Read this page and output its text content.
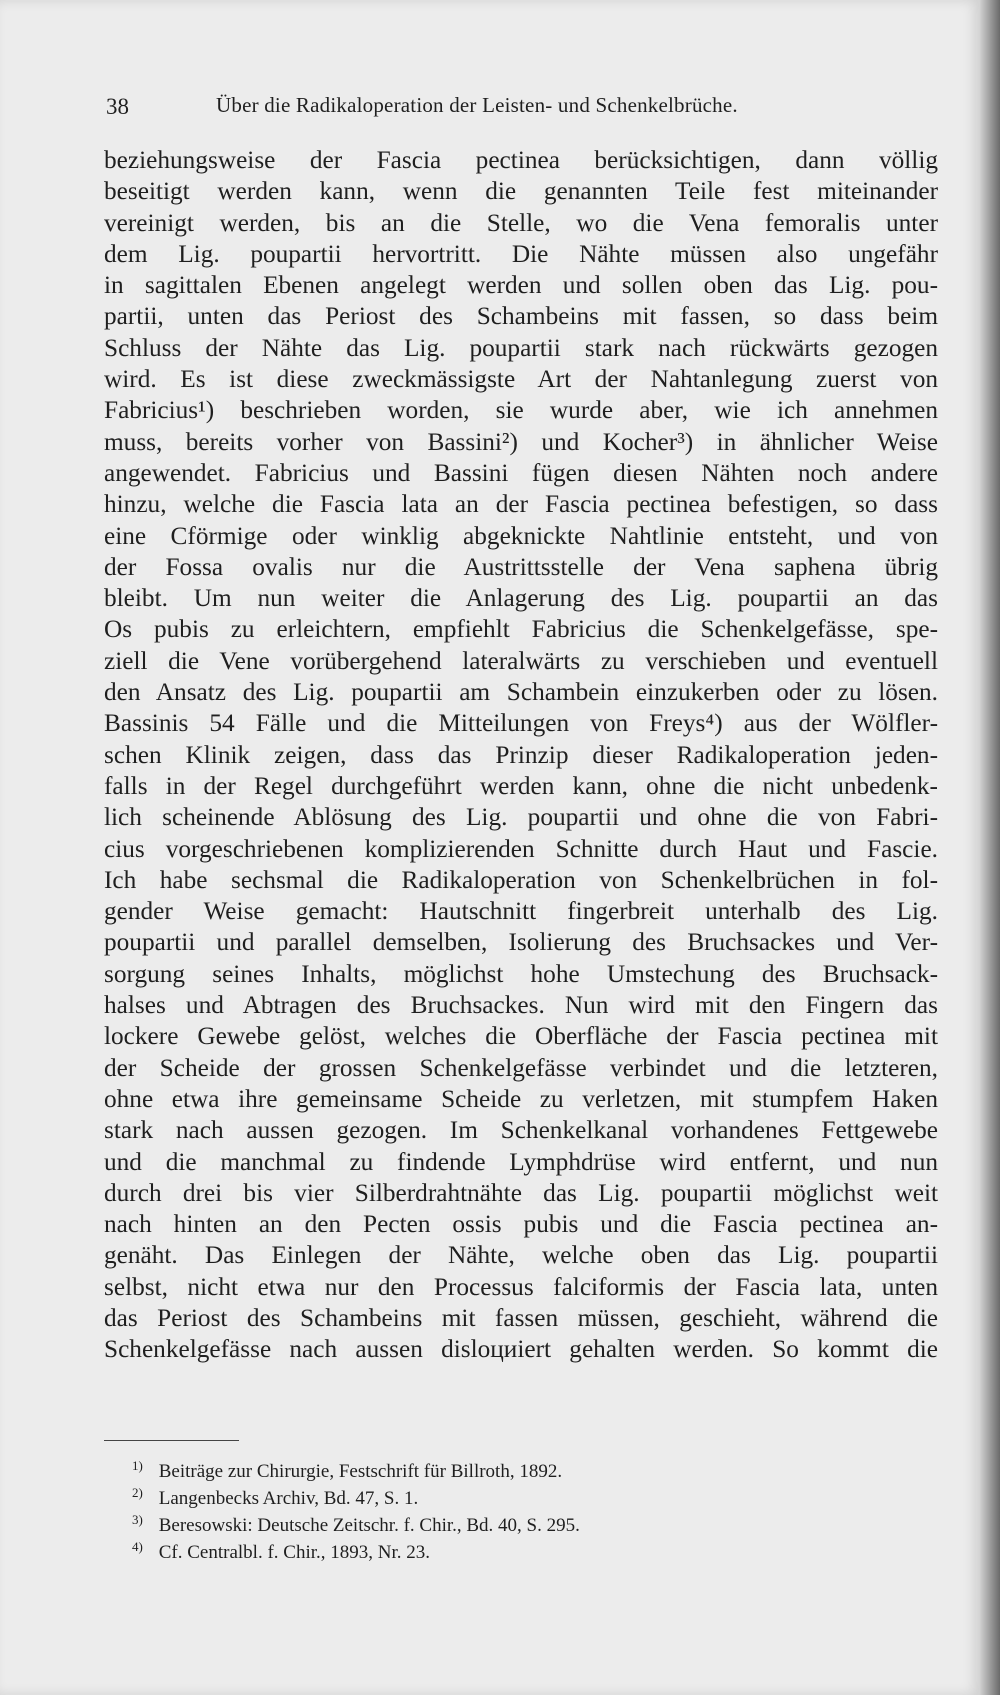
38	Über die Radikaloperation der Leisten- und Schenkelbrüche.
beziehungsweise der Fascia pectinea berücksichtigen, dann völlig
beseitigt werden kann, wenn die genannten Teile fest miteinander
vereinigt werden, bis an die Stelle, wo die Vena femoralis unter
dem Lig. poupartii hervortritt. Die Nähte müssen also ungefähr
in sagittalen Ebenen angelegt werden und sollen oben das Lig. pou-
partii, unten das Periost des Schambeins mit fassen, so dass beim
Schluss der Nähte das Lig. poupartii stark nach rückwärts gezogen
wird. Es ist diese zweckmässigste Art der Nahtanlegung zuerst von
Fabricius¹) beschrieben worden, sie wurde aber, wie ich annehmen
muss, bereits vorher von Bassini²) und Kocher³) in ähnlicher Weise
angewendet. Fabricius und Bassini fügen diesen Nähten noch andere
hinzu, welche die Fascia lata an der Fascia pectinea befestigen, so dass
eine Cförmige oder winklig abgeknickte Nahtlinie entsteht, und von
der Fossa ovalis nur die Austrittsstelle der Vena saphena übrig
bleibt. Um nun weiter die Anlagerung des Lig. poupartii an das
Os pubis zu erleichtern, empfiehlt Fabricius die Schenkelgefässe, spe-
ziell die Vene vorübergehend lateralwärts zu verschieben und eventuell
den Ansatz des Lig. poupartii am Schambein einzukerben oder zu lösen.
Bassinis 54 Fälle und die Mitteilungen von Freys⁴) aus der Wölfler-
schen Klinik zeigen, dass das Prinzip dieser Radikaloperation jeden-
falls in der Regel durchgeführt werden kann, ohne die nicht unbedenk-
lich scheinende Ablösung des Lig. poupartii und ohne die von Fabri-
cius vorgeschriebenen komplizierenden Schnitte durch Haut und Fascie.
Ich habe sechsmal die Radikaloperation von Schenkelbrüchen in fol-
gender Weise gemacht: Hautschnitt fingerbreit unterhalb des Lig.
poupartii und parallel demselben, Isolierung des Bruchsackes und Ver-
sorgung seines Inhalts, möglichst hohe Umstechung des Bruchsack-
halses und Abtragen des Bruchsackes. Nun wird mit den Fingern das
lockere Gewebe gelöst, welches die Oberfläche der Fascia pectinea mit
der Scheide der grossen Schenkelgefässe verbindet und die letzteren,
ohne etwa ihre gemeinsame Scheide zu verletzen, mit stumpfem Haken
stark nach aussen gezogen. Im Schenkelkanal vorhandenes Fettgewebe
und die manchmal zu findende Lymphdrüse wird entfernt, und nun
durch drei bis vier Silberdrahtnähte das Lig. poupartii möglichst weit
nach hinten an den Pecten ossis pubis und die Fascia pectinea an-
genäht. Das Einlegen der Nähte, welche oben das Lig. poupartii
selbst, nicht etwa nur den Processus falciformis der Fascia lata, unten
das Periost des Schambeins mit fassen müssen, geschieht, während die
Schenkelgefässe nach aussen disloциiert gehalten werden. So kommt die
1) Beiträge zur Chirurgie, Festschrift für Billroth, 1892.
2) Langenbecks Archiv, Bd. 47, S. 1.
3) Beresowski: Deutsche Zeitschr. f. Chir., Bd. 40, S. 295.
4) Cf. Centralbl. f. Chir., 1893, Nr. 23.
